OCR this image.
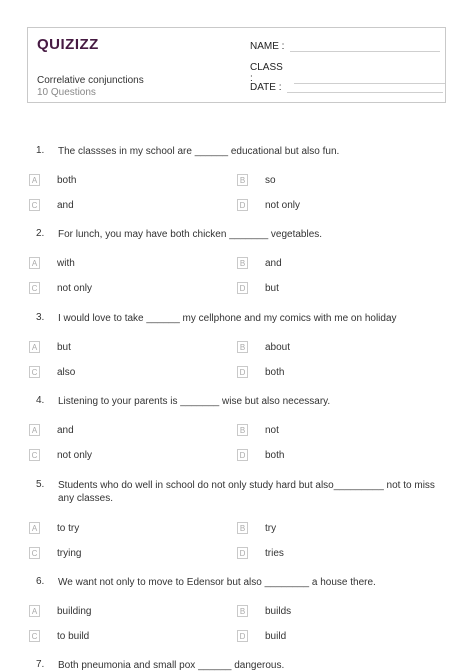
QUIZIZZ
Correlative conjunctions
10 Questions
NAME :
CLASS :
DATE :
1. The classses in my school are ______ educational but also fun.
A both	B so
C and	D not only
2. For lunch, you may have both chicken _______ vegetables.
A with	B and
C not only	D but
3. I would love to take ______ my cellphone and my comics with me on holiday
A but	B about
C also	D both
4. Listening to your parents is _______ wise but also necessary.
A and	B not
C not only	D both
5. Students who do well in school do not only study hard but also_________ not to miss any classes.
A to try	B try
C trying	D tries
6. We want not only to move to Edensor but also ________ a house there.
A building	B builds
C to build	D build
7. Both pneumonia and small pox ______ dangerous.
